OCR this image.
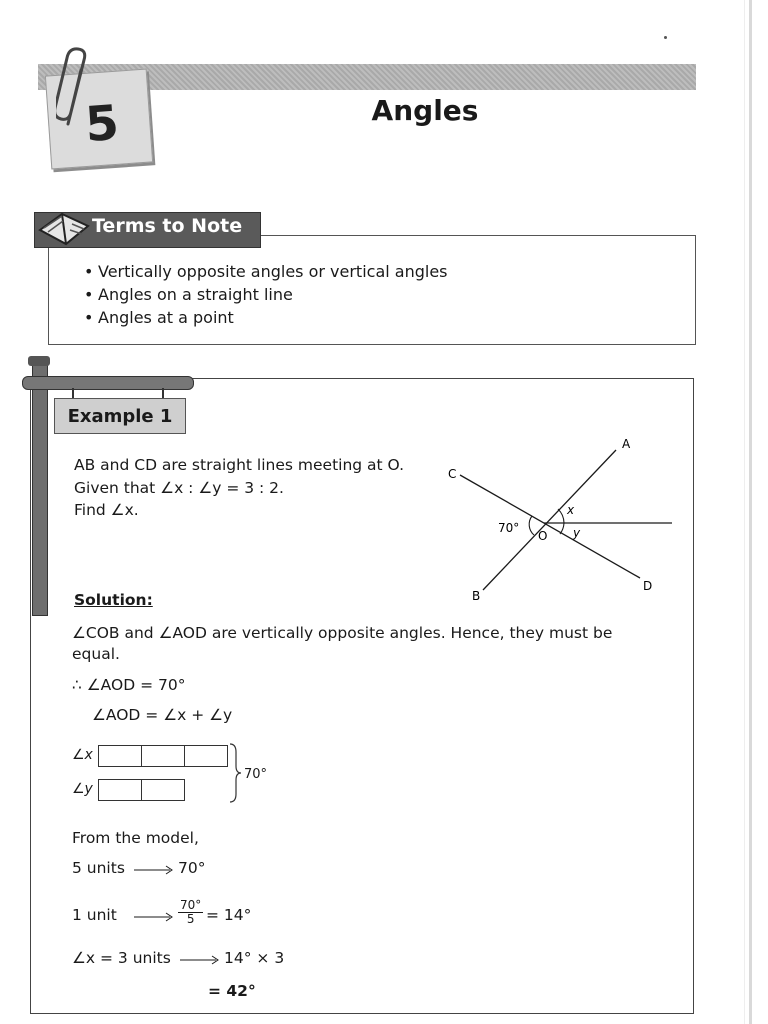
5	Angles
Terms to Note
• Vertically opposite angles or vertical angles
• Angles on a straight line
• Angles at a point
Example 1
AB and CD are straight lines meeting at O.
Given that ∠x : ∠y = 3 : 2.
Find ∠x.
A
B
C
D
O
70°
x
y
Solution:
∠COB and ∠AOD are vertically opposite angles. Hence, they must be
equal.
∴ ∠AOD = 70°
∠AOD = ∠x + ∠y
∠x
∠y
70°
From the model,
5 units	70°
1 unit	$\frac{70^\circ}{5} = 14^\circ$
∠x = 3 units	14° × 3
= 42°
